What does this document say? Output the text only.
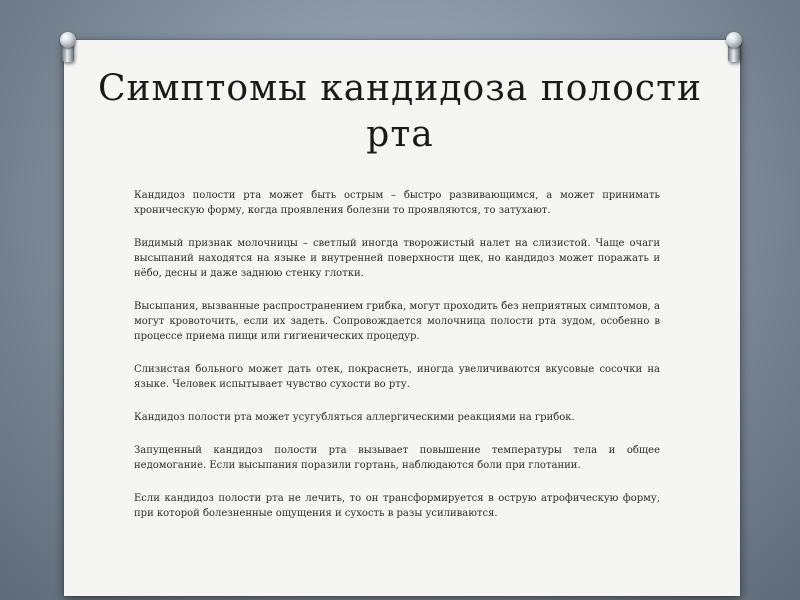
Симптомы кандидоза полости
рта

Кандидоз полости рта может быть острым – быстро развивающимся, а может принимать хроническую форму, когда проявления болезни то проявляются, то затухают.

Видимый признак молочницы – светлый иногда творожистый налет на слизистой. Чаще очаги высыпаний находятся на языке и внутренней поверхности щек, но кандидоз может поражать и нёбо, десны и даже заднюю стенку глотки.

Высыпания, вызванные распространением грибка, могут проходить без неприятных симптомов, а могут кровоточить, если их задеть. Сопровождается молочница полости рта зудом, особенно в процессе приема пищи или гигиенических процедур.

Слизистая больного может дать отек, покраснеть, иногда увеличиваются вкусовые сосочки на языке. Человек испытывает чувство сухости во рту.

Кандидоз полости рта может усугубляться аллергическими реакциями на грибок.

Запущенный кандидоз полости рта вызывает повышение температуры тела и общее недомогание. Если высыпания поразили гортань, наблюдаются боли при глотании.

Если кандидоз полости рта не лечить, то он трансформируется в острую атрофическую форму, при которой болезненные ощущения и сухость в разы усиливаются.
